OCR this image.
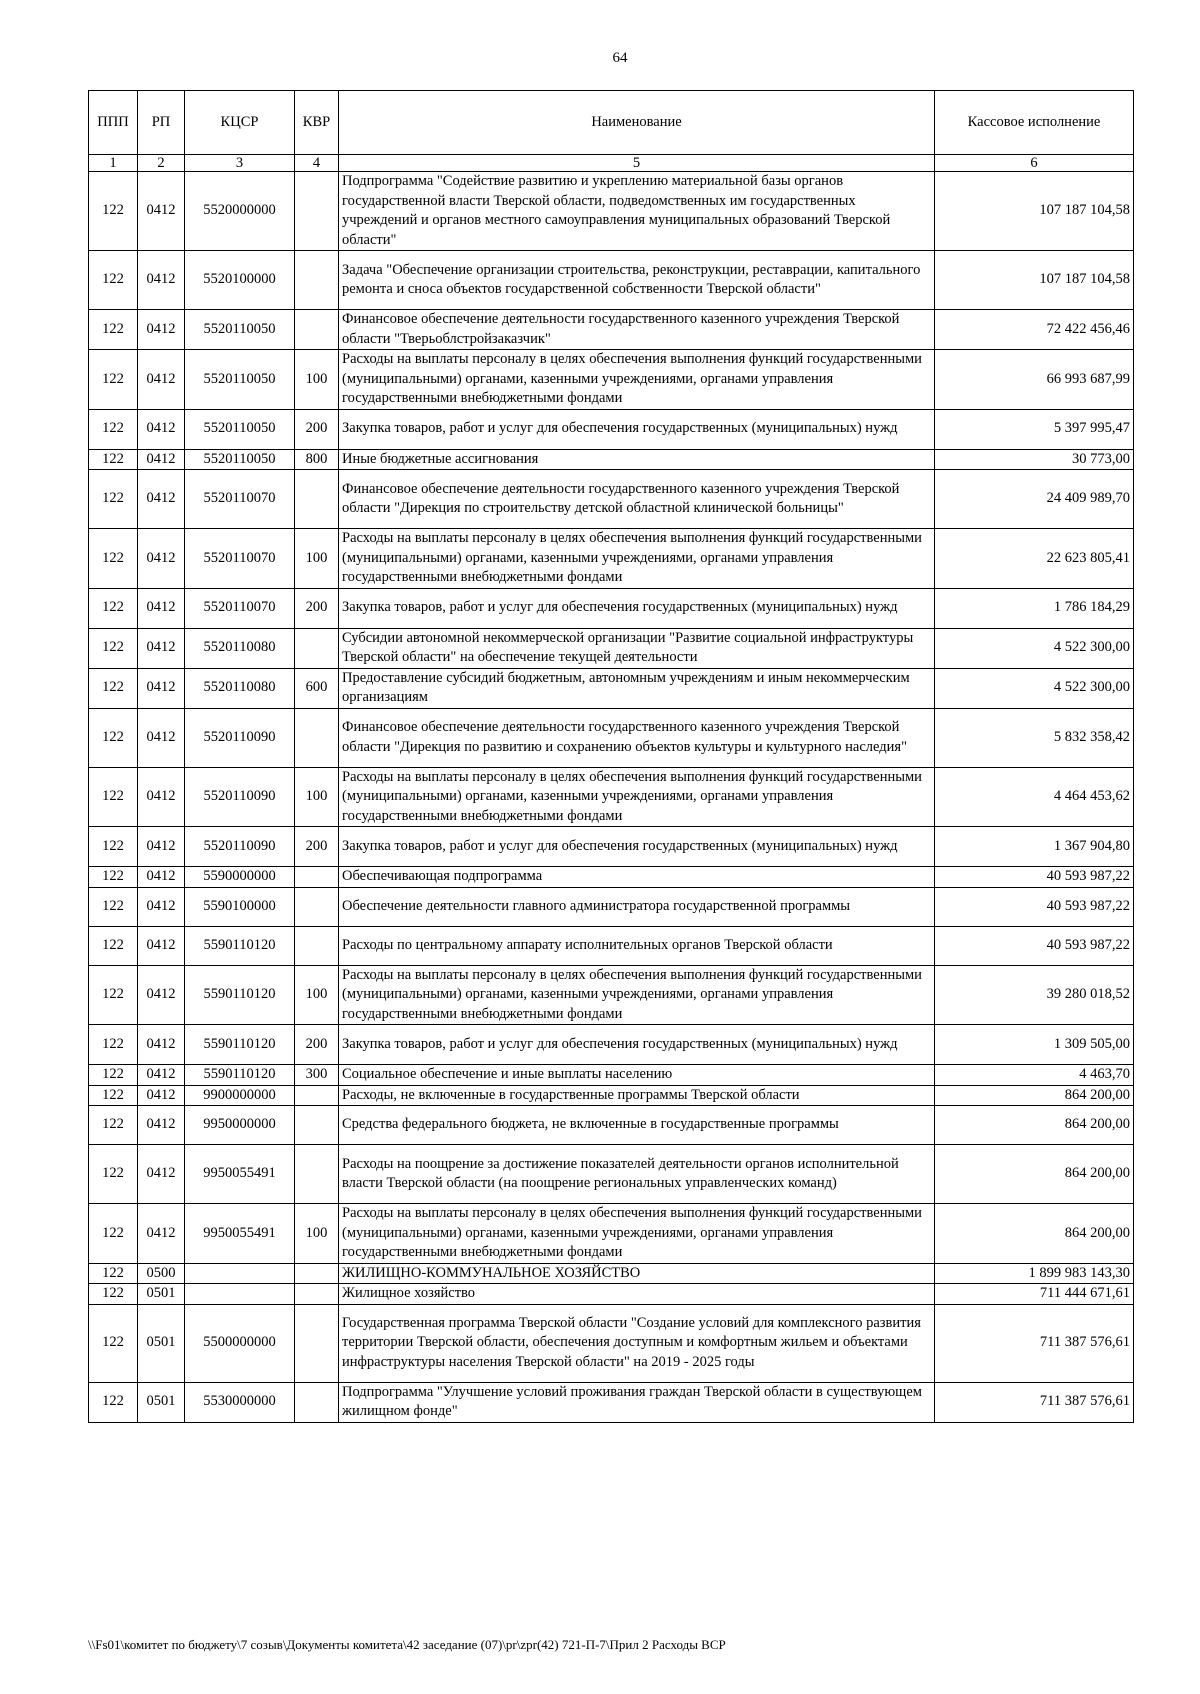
64
ППП	РП	КЦСР	КВР	Наименование	Кассовое исполнение
1	2	3	4	5	6
122	0412	5520000000		Подпрограмма "Содействие развитию и укреплению материальной базы органов государственной власти Тверской области, подведомственных им государственных учреждений и органов местного самоуправления муниципальных образований Тверской области"	107 187 104,58
122	0412	5520100000		Задача "Обеспечение организации строительства, реконструкции, реставрации, капитального ремонта и сноса объектов государственной собственности Тверской области"	107 187 104,58
122	0412	5520110050		Финансовое обеспечение деятельности государственного казенного учреждения Тверской области "Тверьоблстройзаказчик"	72 422 456,46
122	0412	5520110050	100	Расходы на выплаты персоналу в целях обеспечения выполнения функций государственными (муниципальными) органами, казенными учреждениями, органами управления государственными внебюджетными фондами	66 993 687,99
122	0412	5520110050	200	Закупка товаров, работ и услуг для обеспечения государственных (муниципальных) нужд	5 397 995,47
122	0412	5520110050	800	Иные бюджетные ассигнования	30 773,00
122	0412	5520110070		Финансовое обеспечение деятельности государственного казенного учреждения Тверской области "Дирекция по строительству детской областной клинической больницы"	24 409 989,70
122	0412	5520110070	100	Расходы на выплаты персоналу в целях обеспечения выполнения функций государственными (муниципальными) органами, казенными учреждениями, органами управления государственными внебюджетными фондами	22 623 805,41
122	0412	5520110070	200	Закупка товаров, работ и услуг для обеспечения государственных (муниципальных) нужд	1 786 184,29
122	0412	5520110080		Субсидии автономной некоммерческой организации "Развитие социальной инфраструктуры Тверской области" на обеспечение текущей деятельности	4 522 300,00
122	0412	5520110080	600	Предоставление субсидий бюджетным, автономным учреждениям и иным некоммерческим организациям	4 522 300,00
122	0412	5520110090		Финансовое обеспечение деятельности государственного казенного учреждения Тверской области "Дирекция по развитию и сохранению объектов культуры и культурного наследия"	5 832 358,42
122	0412	5520110090	100	Расходы на выплаты персоналу в целях обеспечения выполнения функций государственными (муниципальными) органами, казенными учреждениями, органами управления государственными внебюджетными фондами	4 464 453,62
122	0412	5520110090	200	Закупка товаров, работ и услуг для обеспечения государственных (муниципальных) нужд	1 367 904,80
122	0412	5590000000		Обеспечивающая подпрограмма	40 593 987,22
122	0412	5590100000		Обеспечение деятельности главного администратора государственной программы	40 593 987,22
122	0412	5590110120		Расходы по центральному аппарату исполнительных органов Тверской области	40 593 987,22
122	0412	5590110120	100	Расходы на выплаты персоналу в целях обеспечения выполнения функций государственными (муниципальными) органами, казенными учреждениями, органами управления государственными внебюджетными фондами	39 280 018,52
122	0412	5590110120	200	Закупка товаров, работ и услуг для обеспечения государственных (муниципальных) нужд	1 309 505,00
122	0412	5590110120	300	Социальное обеспечение и иные выплаты населению	4 463,70
122	0412	9900000000		Расходы, не включенные в государственные программы Тверской области	864 200,00
122	0412	9950000000		Средства федерального бюджета, не включенные в государственные программы	864 200,00
122	0412	9950055491		Расходы на поощрение за достижение показателей деятельности органов исполнительной власти Тверской области (на поощрение региональных управленческих команд)	864 200,00
122	0412	9950055491	100	Расходы на выплаты персоналу в целях обеспечения выполнения функций государственными (муниципальными) органами, казенными учреждениями, органами управления государственными внебюджетными фондами	864 200,00
122	0500			ЖИЛИЩНО-КОММУНАЛЬНОЕ ХОЗЯЙСТВО	1 899 983 143,30
122	0501			Жилищное хозяйство	711 444 671,61
122	0501	5500000000		Государственная программа Тверской области "Создание условий для комплексного развития территории Тверской области, обеспечения доступным и комфортным жильем и объектами инфраструктуры населения Тверской области" на 2019 - 2025 годы	711 387 576,61
122	0501	5530000000		Подпрограмма "Улучшение условий проживания граждан Тверской области в существующем жилищном фонде"	711 387 576,61
\\Fs01\комитет по бюджету\7 созыв\Документы комитета\42 заседание (07)\pr\zpr(42) 721-П-7\Прил 2 Расходы ВСР
